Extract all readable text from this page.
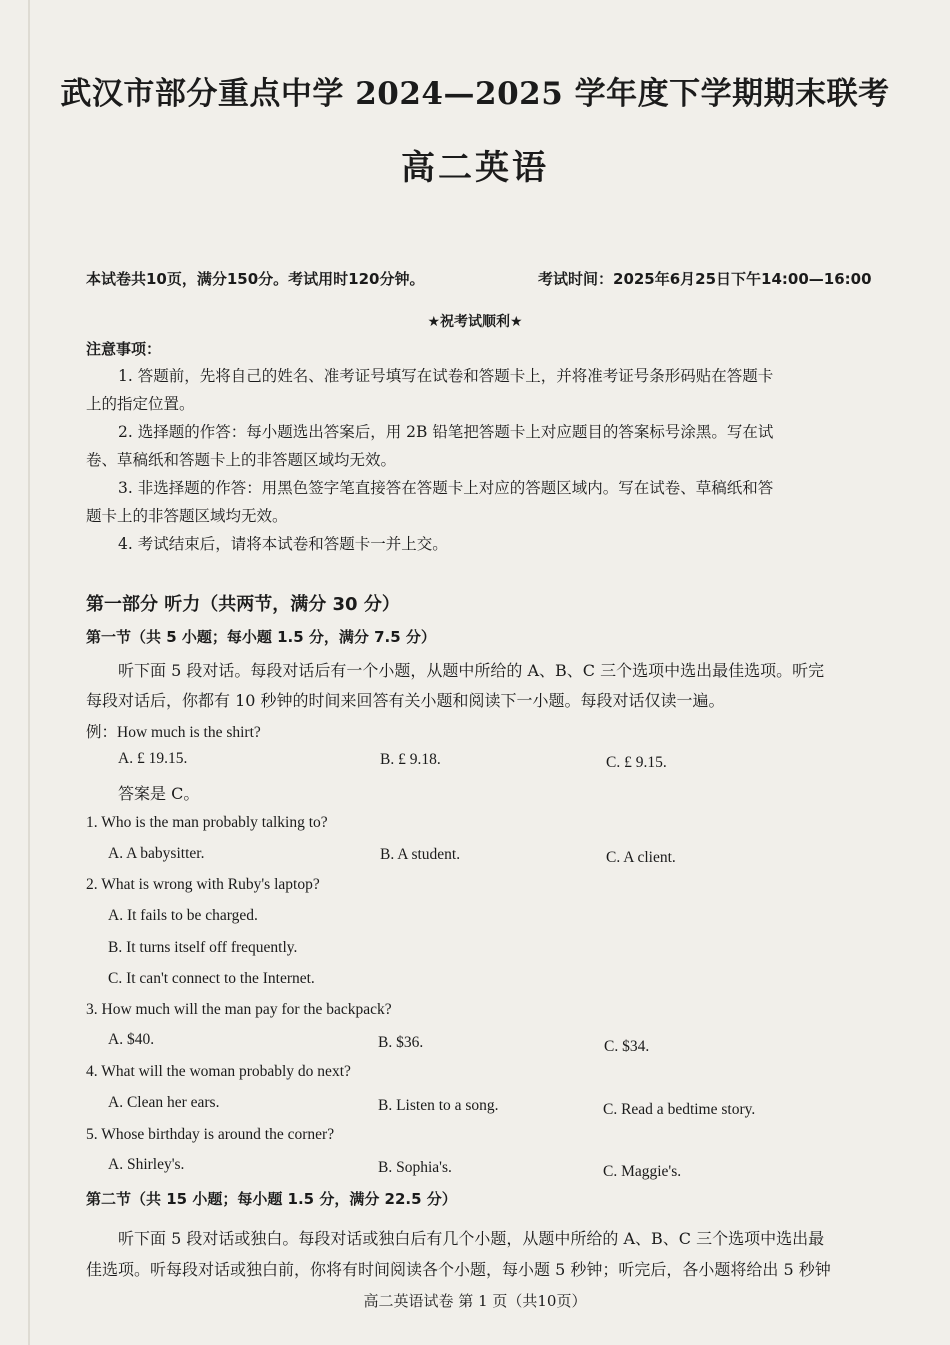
武汉市部分重点中学 2024—2025 学年度下学期期末联考
高二英语
本试卷共10页，满分150分。考试用时120分钟。	考试时间：2025年6月25日下午14:00—16:00
★祝考试顺利★
注意事项：
1. 答题前，先将自己的姓名、准考证号填写在试卷和答题卡上，并将准考证号条形码贴在答题卡
上的指定位置。
2. 选择题的作答：每小题选出答案后，用 2B 铅笔把答题卡上对应题目的答案标号涂黑。写在试
卷、草稿纸和答题卡上的非答题区域均无效。
3. 非选择题的作答：用黑色签字笔直接答在答题卡上对应的答题区域内。写在试卷、草稿纸和答
题卡上的非答题区域均无效。
4. 考试结束后，请将本试卷和答题卡一并上交。
第一部分 听力（共两节，满分 30 分）
第一节（共 5 小题；每小题 1.5 分，满分 7.5 分）
听下面 5 段对话。每段对话后有一个小题，从题中所给的 A、B、C 三个选项中选出最佳选项。听完
每段对话后，你都有 10 秒钟的时间来回答有关小题和阅读下一小题。每段对话仅读一遍。
例：How much is the shirt?
A. £ 19.15.	B. £ 9.18.	C. £ 9.15.
答案是 C。
1. Who is the man probably talking to?
A. A babysitter.	B. A student.	C. A client.
2. What is wrong with Ruby's laptop?
A. It fails to be charged.
B. It turns itself off frequently.
C. It can't connect to the Internet.
3. How much will the man pay for the backpack?
A. $40.	B. $36.	C. $34.
4. What will the woman probably do next?
A. Clean her ears.	B. Listen to a song.	C. Read a bedtime story.
5. Whose birthday is around the corner?
A. Shirley's.	B. Sophia's.	C. Maggie's.
第二节（共 15 小题；每小题 1.5 分，满分 22.5 分）
听下面 5 段对话或独白。每段对话或独白后有几个小题，从题中所给的 A、B、C 三个选项中选出最
佳选项。听每段对话或独白前，你将有时间阅读各个小题，每小题 5 秒钟；听完后，各小题将给出 5 秒钟
高二英语试卷 第 1 页（共10页）
